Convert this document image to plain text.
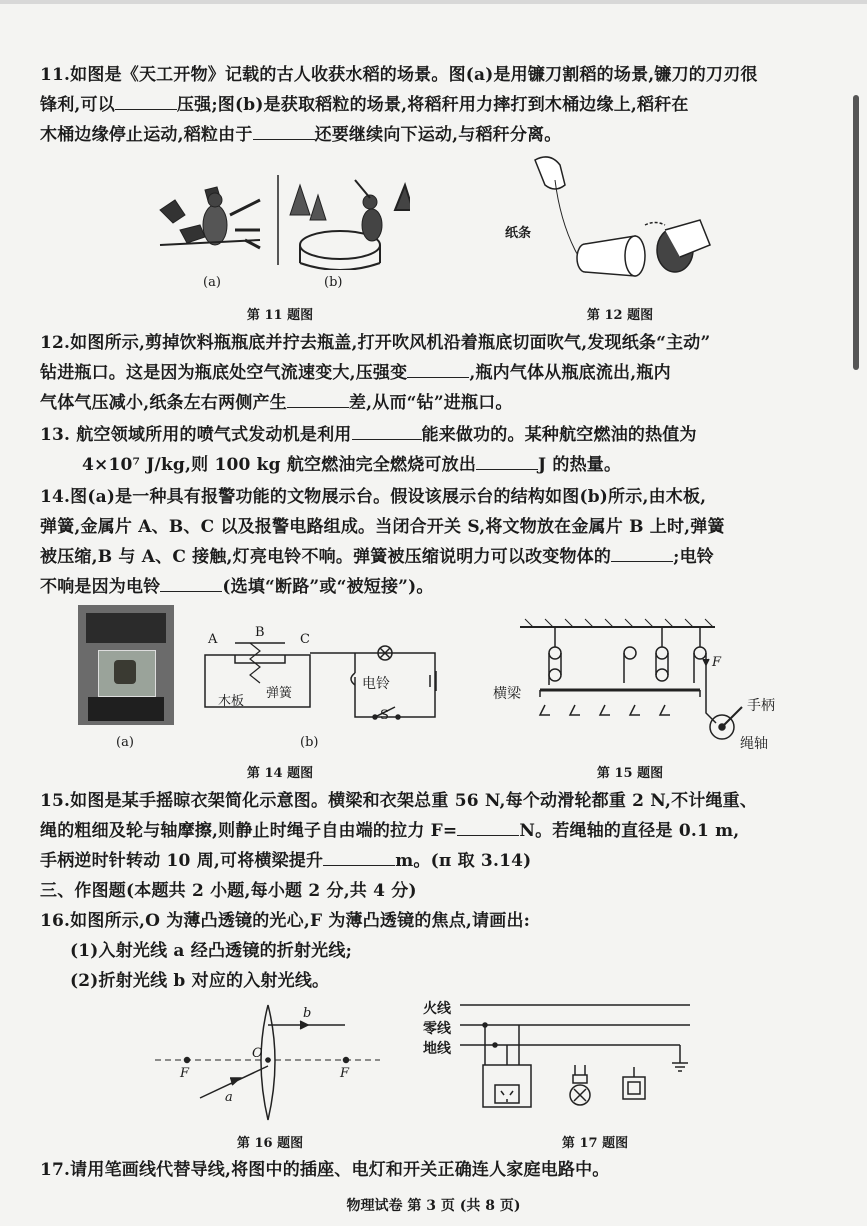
11.如图是《天工开物》记载的古人收获水稻的场景。图(a)是用镰刀割稻的场景,镰刀的刀刃很
锋利,可以	压强;图(b)是获取稻粒的场景,将稻秆用力摔打到木桶边缘上,稻秆在
木桶边缘停止运动,稻粒由于	还要继续向下运动,与稻秆分离。
(a)	(b)
第 11 题图
纸条
第 12 题图
12.如图所示,剪掉饮料瓶瓶底并拧去瓶盖,打开吹风机沿着瓶底切面吹气,发现纸条“主动”
钻进瓶口。这是因为瓶底处空气流速变大,压强变	,瓶内气体从瓶底流出,瓶内
气体气压减小,纸条左右两侧产生	差,从而“钻”进瓶口。
13. 航空领域所用的喷气式发动机是利用	能来做功的。某种航空燃油的热值为
4×10⁷ J/kg,则 100 kg 航空燃油完全燃烧可放出	J 的热量。
14.图(a)是一种具有报警功能的文物展示台。假设该展示台的结构如图(b)所示,由木板,
弹簧,金属片 A、B、C 以及报警电路组成。当闭合开关 S,将文物放在金属片 B 上时,弹簧
被压缩,B 与 A、C 接触,灯亮电铃不响。弹簧被压缩说明力可以改变物体的	;电铃
不响是因为电铃	(选填“断路”或“被短接”)。
A	B	C
电铃
木板
弹簧
S
(a)	(b)
第 14 题图
F
横梁
手柄
绳轴
第 15 题图
15.如图是某手摇晾衣架简化示意图。横梁和衣架总重 56 N,每个动滑轮都重 2 N,不计绳重、
绳的粗细及轮与轴摩擦,则静止时绳子自由端的拉力 F=	N。若绳轴的直径是 0.1 m,
手柄逆时针转动 10 周,可将横梁提升	m。(π 取 3.14)
三、作图题(本题共 2 小题,每小题 2 分,共 4 分)
16.如图所示,O 为薄凸透镜的光心,F 为薄凸透镜的焦点,请画出:
(1)入射光线 a 经凸透镜的折射光线;
(2)折射光线 b 对应的入射光线。
b
O
F	F
a
第 16 题图
火线
零线
地线
第 17 题图
17.请用笔画线代替导线,将图中的插座、电灯和开关正确连人家庭电路中。
物理试卷 第 3 页 (共 8 页)
